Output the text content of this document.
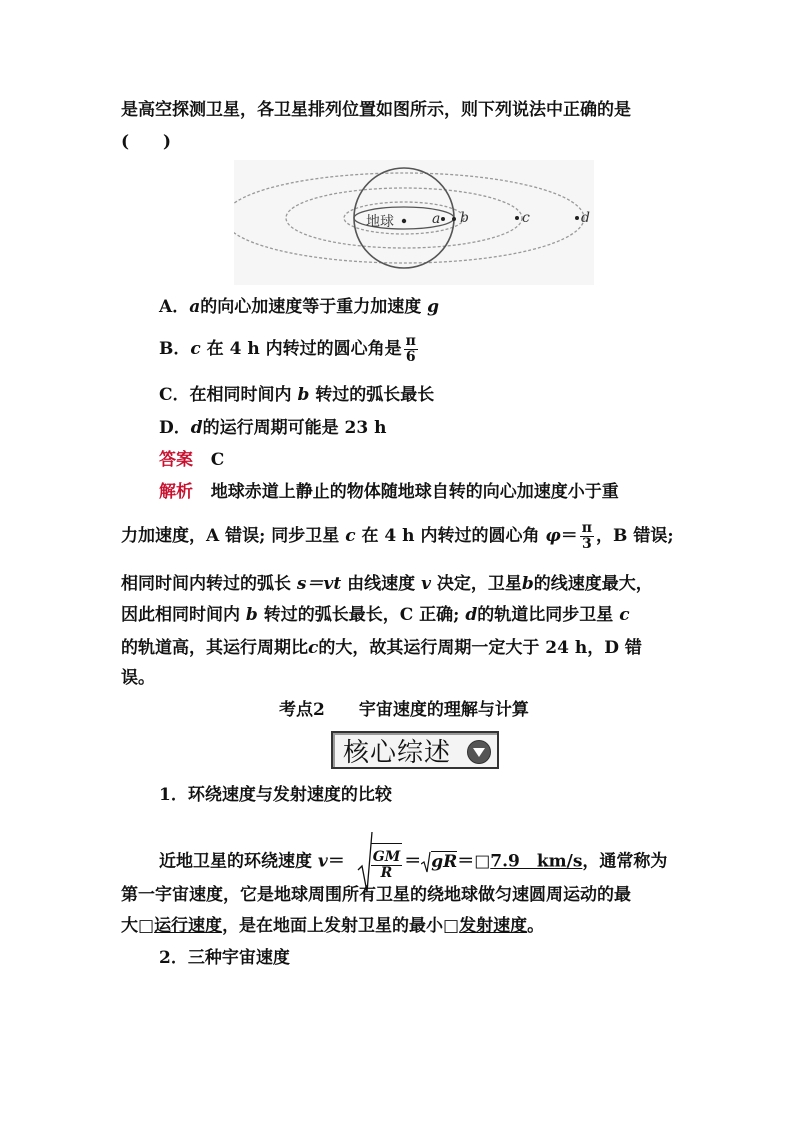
是高空探测卫星，各卫星排列位置如图所示，则下列说法中正确的是
(　　)
地球	a b	c	d
A．a的向心加速度等于重力加速度 g
B．c 在 4 h 内转过的圆心角是 $\frac{\pi}{6}$
C．在相同时间内 b 转过的弧长最长
D．d的运行周期可能是 23 h
答案 C
解析 地球赤道上静止的物体随地球自转的向心加速度小于重
力加速度，A 错误; 同步卫星 c 在 4 h 内转过的圆心角 $\varphi= \frac{\pi}{3}$ ，B 错误;
相同时间内转过的弧长 s＝vt 由线速度 v 决定，卫星b的线速度最大，
因此相同时间内 b 转过的弧长最长，C 正确; d的轨道比同步卫星 c
的轨道高，其运行周期比c的大，故其运行周期一定大于 24 h，D 错
误。
考点2　　宇宙速度的理解与计算
核心综述
1．环绕速度与发射速度的比较
近地卫星的环绕速度 $v= \frac{GM}{R}$ ＝ gR＝□7.9　km/s，通常称为
第一宇宙速度，它是地球周围所有卫星的绕地球做匀速圆周运动的最
大□运行速度，是在地面上发射卫星的最小□发射速度。
2．三种宇宙速度
